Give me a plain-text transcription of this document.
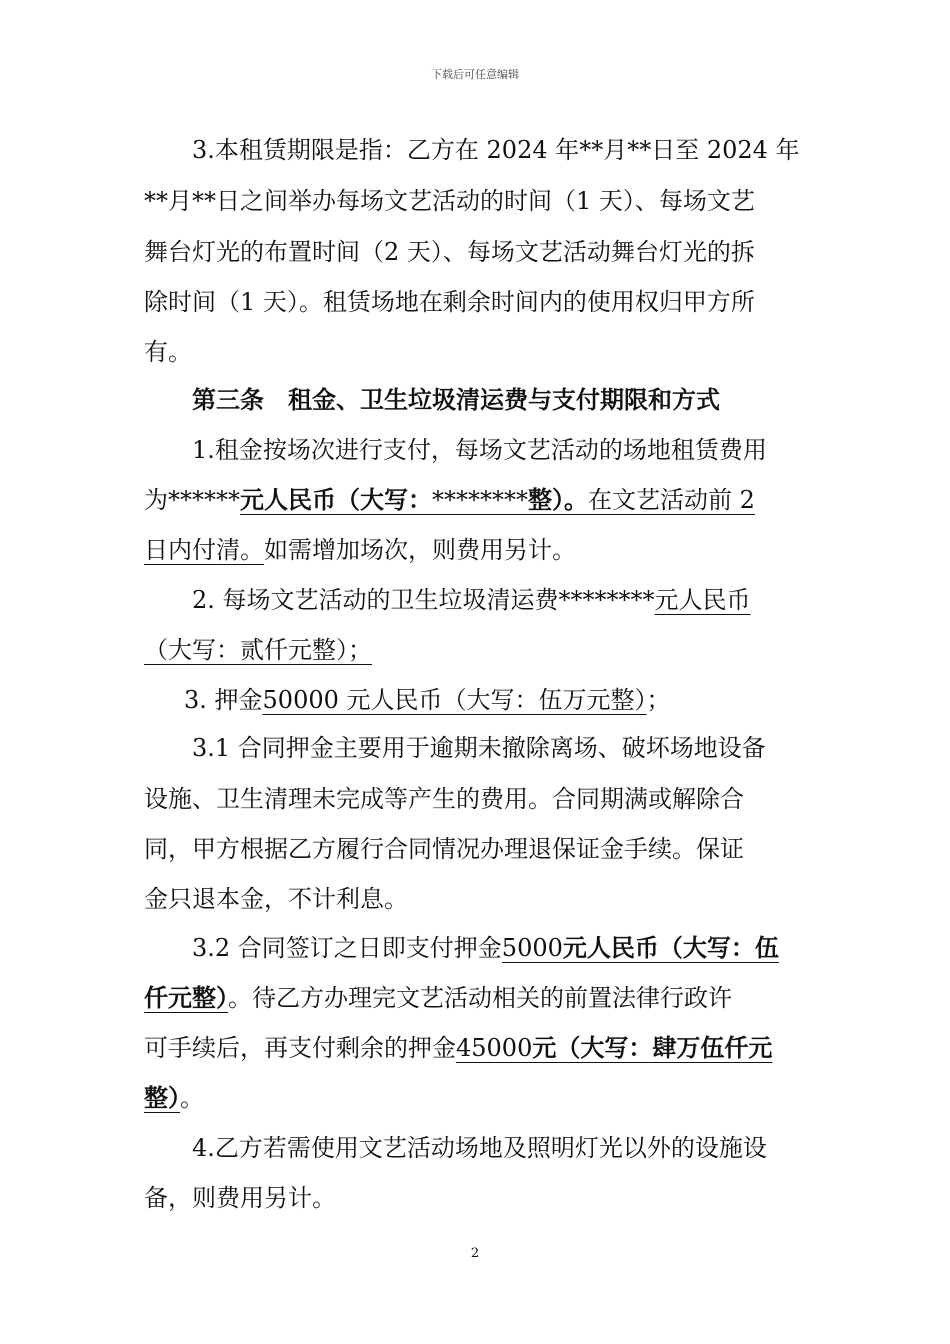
下载后可任意编辑
3.本租赁期限是指：乙方在 2024 年**月**日至 2024 年
**月**日之间举办每场文艺活动的时间（1 天）、每场文艺
舞台灯光的布置时间（2 天）、每场文艺活动舞台灯光的拆
除时间（1 天）。租赁场地在剩余时间内的使用权归甲方所
有。
第三条　租金、卫生垃圾清运费与支付期限和方式
1.租金按场次进行支付，每场文艺活动的场地租赁费用
为******元人民币（大写：********整）。在文艺活动前 2
日内付清。如需增加场次，则费用另计。
2. 每场文艺活动的卫生垃圾清运费********元人民币
（大写：贰仟元整）；
3. 押金50000 元人民币（大写：伍万元整）；
3.1 合同押金主要用于逾期未撤除离场、破坏场地设备
设施、卫生清理未完成等产生的费用。合同期满或解除合
同，甲方根据乙方履行合同情况办理退保证金手续。保证
金只退本金，不计利息。
3.2 合同签订之日即支付押金5000元人民币（大写：伍
仟元整）。待乙方办理完文艺活动相关的前置法律行政许
可手续后，再支付剩余的押金45000元（大写：肆万伍仟元
整）。
4.乙方若需使用文艺活动场地及照明灯光以外的设施设
备，则费用另计。
2
